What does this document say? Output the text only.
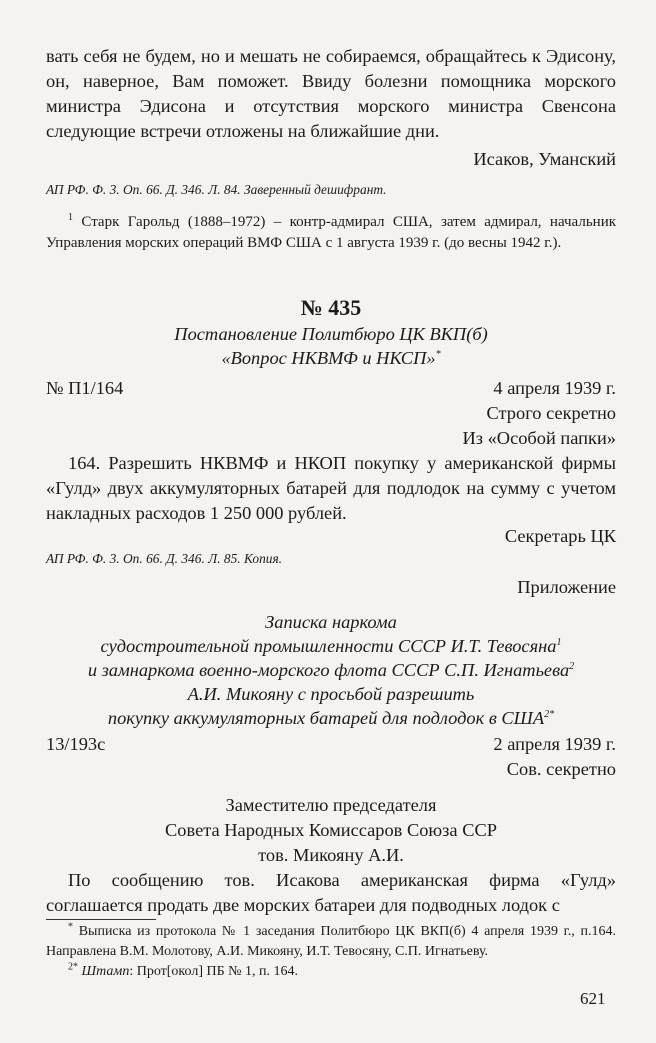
вать себя не будем, но и мешать не собираемся, обращайтесь к Эдисону, он, наверное, Вам поможет. Ввиду болезни помощника морского министра Эдисона и отсутствия морского министра Свенсона следующие встречи отложены на ближайшие дни.

Исаков, Уманский
АП РФ. Ф. 3. Оп. 66. Д. 346. Л. 84. Заверенный дешифрант.
$^1$ Старк Гарольд (1888–1972) – контр-адмирал США, затем адмирал, начальник Управления морских операций ВМФ США с 1 августа 1939 г. (до весны 1942 г.).
№ 435
Постановление Политбюро ЦК ВКП(б)
«Вопрос НКВМФ и НКСП»*
№ П1/164	4 апреля 1939 г.
Строго секретно
Из «Особой папки»

164. Разрешить НКВМФ и НКОП покупку у американской фирмы «Гулд» двух аккумуляторных батарей для подлодок на сумму с учетом накладных расходов 1 250 000 рублей.

Секретарь ЦК
АП РФ. Ф. 3. Оп. 66. Д. 346. Л. 85. Копия.
Приложение
Записка наркома
судостроительной промышленности СССР И.Т. Тевосяна$^1$
и замнаркома военно-морского флота СССР С.П. Игнатьева$^2$
А.И. Микояну с просьбой разрешить
покупку аккумуляторных батарей для подлодок в $США^{2*}$
13/193с	2 апреля 1939 г.
Сов. секретно
Заместителю председателя
Совета Народных Комиссаров Союза ССР
тов. Микояну А.И.

По сообщению тов. Исакова американская фирма «Гулд» соглашается продать две морских батареи для подводных лодок с

* Выписка из протокола № 1 заседания Политбюро ЦК ВКП(б) 4 апреля 1939 г., п.164. Направлена В.М. Молотову, А.И. Микояну, И.Т. Тевосяну, С.П. Игнатьеву.
$^{2*}$ Штамп: Прот[окол] ПБ № 1, п. 164.
621
